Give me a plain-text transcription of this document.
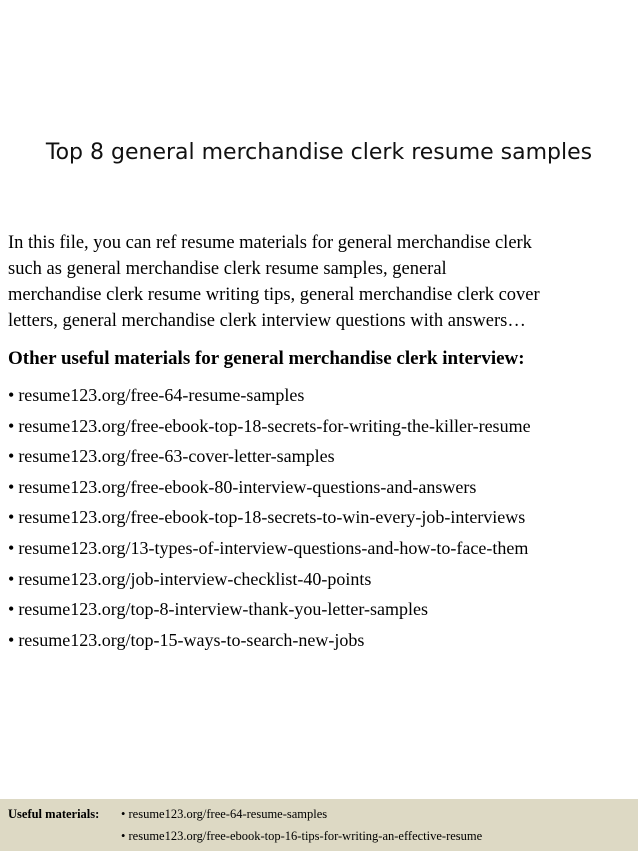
Top 8 general merchandise clerk resume samples

In this file, you can ref resume materials for general merchandise clerk
such as general merchandise clerk resume samples, general
merchandise clerk resume writing tips, general merchandise clerk cover
letters, general merchandise clerk interview questions with answers…

Other useful materials for general merchandise clerk interview:
• resume123.org/free-64-resume-samples
• resume123.org/free-ebook-top-18-secrets-for-writing-the-killer-resume
• resume123.org/free-63-cover-letter-samples
• resume123.org/free-ebook-80-interview-questions-and-answers
• resume123.org/free-ebook-top-18-secrets-to-win-every-job-interviews
• resume123.org/13-types-of-interview-questions-and-how-to-face-them
• resume123.org/job-interview-checklist-40-points
• resume123.org/top-8-interview-thank-you-letter-samples
• resume123.org/top-15-ways-to-search-new-jobs
Useful materials: • resume123.org/free-64-resume-samples
• resume123.org/free-ebook-top-16-tips-for-writing-an-effective-resume
